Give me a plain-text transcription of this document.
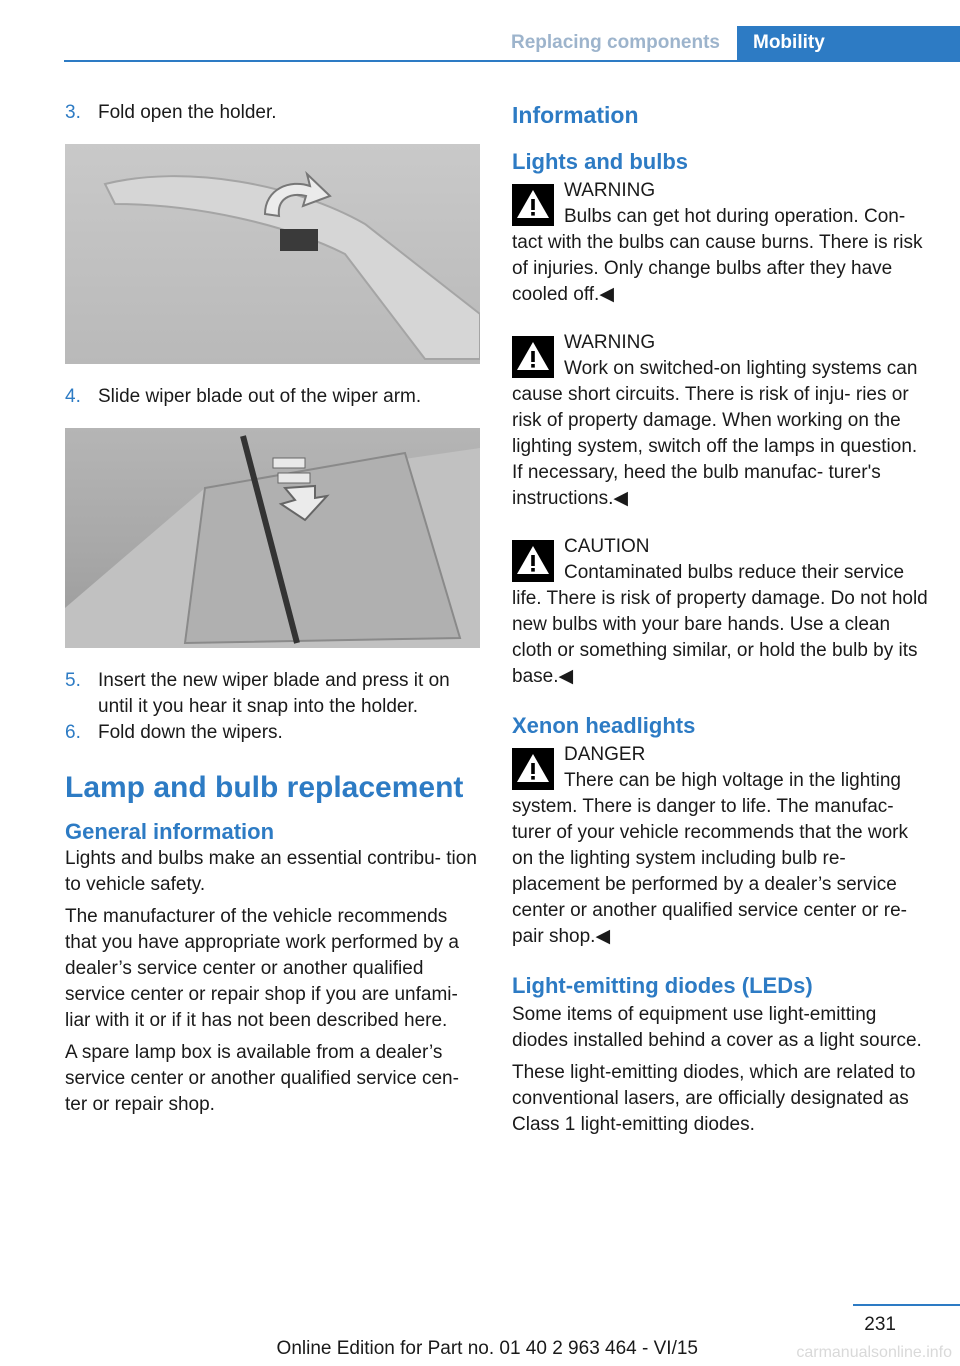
Replacing components	Mobility

3. Fold open the holder.

4. Slide wiper blade out of the wiper arm.

5. Insert the new wiper blade and press it on until it you hear it snap into the holder.

6. Fold down the wipers.

Lamp and bulb replacement
General information

Lights and bulbs make an essential contribu‐ tion to vehicle safety.

The manufacturer of the vehicle recommends that you have appropriate work performed by a dealer’s service center or another qualified service center or repair shop if you are unfami‐ liar with it or if it has not been described here.

A spare lamp box is available from a dealer’s service center or another qualified service cen‐ ter or repair shop.

Information
Lights and bulbs
WARNING
Bulbs can get hot during operation. Con‐ tact with the bulbs can cause burns. There is risk of injuries. Only change bulbs after they have cooled off.◀
WARNING
Work on switched-on lighting systems can cause short circuits. There is risk of inju‐ ries or risk of property damage. When working on the lighting system, switch off the lamps in question. If necessary, heed the bulb manufac‐ turer's instructions.◀
CAUTION
Contaminated bulbs reduce their service life. There is risk of property damage. Do not hold new bulbs with your bare hands. Use a clean cloth or something similar, or hold the bulb by its base.◀
Xenon headlights
DANGER
There can be high voltage in the lighting system. There is danger to life. The manufac‐ turer of your vehicle recommends that the work on the lighting system including bulb re‐ placement be performed by a dealer’s service center or another qualified service center or re‐ pair shop.◀
Light-emitting diodes (LEDs)

Some items of equipment use light-emitting diodes installed behind a cover as a light source.

These light-emitting diodes, which are related to conventional lasers, are officially designated as Class 1 light-emitting diodes.

231
Online Edition for Part no. 01 40 2 963 464 - VI/15	carmanualsonline.info
